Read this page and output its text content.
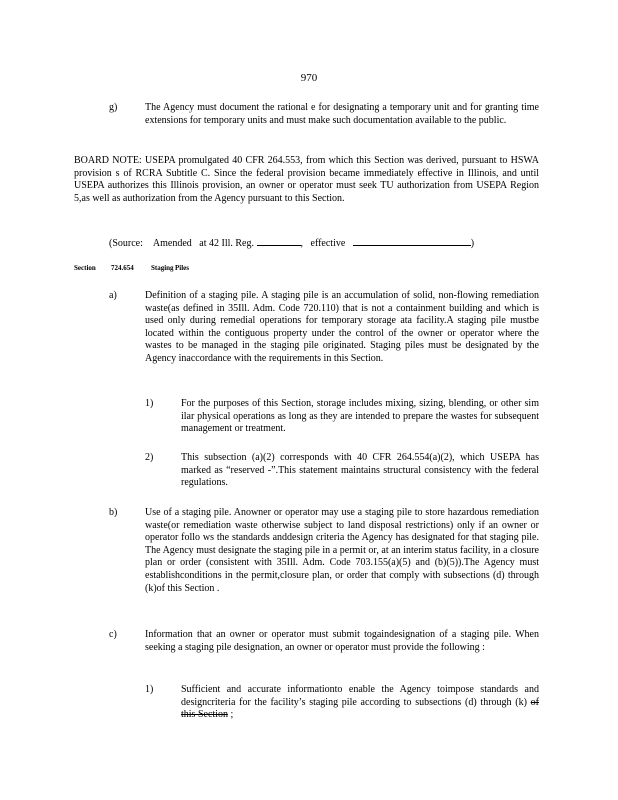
970
g)	The Agency must document the rational e for designating a temporary unit and for granting time extensions for temporary units and must make such documentation available to the public.
BOARD NOTE: USEPA promulgated 40 CFR 264.553, from which this Section was derived, pursuant to HSWA provision s of RCRA Subtitle C. Since the federal provision became immediately effective in Illinois, and until USEPA authorizes this Illinois provision, an owner or operator must seek TU authorization from USEPA Region 5,as well as authorization from the Agency pursuant to this Section.
(Source: Amended at 42 Ill. Reg.	, effective	)
Section 724.654 StagingPiles
a)	Definition of a staging pile. A staging pile is an accumulation of solid, non-flowing remediation waste(as defined in 35Ill. Adm. Code 720.110) that is not a containment building and which is used only during remedial operations for temporary storage ata facility.A staging pile mustbe located within the contiguous property under the control of the owner or operator where the wastes to be managed in the staging pile originated. Staging piles must be designated by the Agency inaccordance with the requirements in this Section.
1)	For the purposes of this Section, storage includes mixing, sizing, blending, or other sim ilar physical operations as long as they are intended to prepare the wastes for subsequent management or treatment.
2)	This subsection (a)(2) corresponds with 40 CFR 264.554(a)(2), which USEPA has marked as “reserved -”.This statement maintains structural consistency with the federal regulations.
b)	Use of a staging pile. Anowner or operator may use a staging pile to store hazardous remediation waste(or remediation waste otherwise subject to land disposal restrictions) only if an owner or operator follo ws the standards anddesign criteria the Agency has designated for that staging pile. The Agency must designate the staging pile in a permit or, at an interim status facility, in a closure plan or order (consistent with 35Ill. Adm. Code 703.155(a)(5) and (b)(5)).The Agency must establishconditions in the permit,closure plan, or order that comply with subsections (d) through (k)of this Section .
c)	Information that an owner or operator must submit togaindesignation of a staging pile. When seeking a staging pile designation, an owner or operator must provide the following :
1)	Sufficient and accurate informationto enable the Agency toimpose standards and designcriteria for the facility’s staging pile according to subsections (d) through (k) of this Section ;
